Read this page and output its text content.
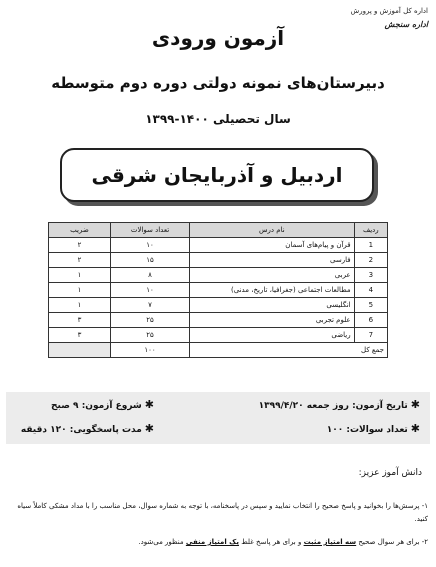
اداره کل آموزش و پرورش
اداره سنجش
آزمون ورودی
دبیرستان‌های نمونه دولتی دوره دوم متوسطه
سال تحصیلی ۱۴۰۰-۱۳۹۹
اردبیل و آذربایجان شرقی
ردیف	نام درس	تعداد سوالات	ضریب
1	قرآن و پیام‌های آسمان	۱۰	۲
2	فارسی	۱۵	۲
3	عربی	۸	۱
4	مطالعات اجتماعی (جغرافیا، تاریخ، مدنی)	۱۰	۱
5	انگلیسی	۷	۱
6	علوم تجربی	۲۵	۳
7	ریاضی	۲۵	۳
جمع کل		۱۰۰	
✱تاریخ آزمون: روز جمعه ۱۳۹۹/۴/۲۰
✱شروع آزمون: ۹ صبح
✱تعداد سوالات: ۱۰۰
✱مدت پاسخگویی: ۱۲۰ دقیقه
دانش آموز عزیز:
۱- پرسش‌ها را بخوانید و پاسخ صحیح را انتخاب نمایید و سپس در پاسخنامه، با توجه به شماره سوال، محل مناسب را با مداد مشکی کاملاً سیاه کنید.
۲- برای هر سوال صحیح سه امتیاز مثبت و برای هر پاسخ غلط یک امتیاز منفی منظور می‌شود.
